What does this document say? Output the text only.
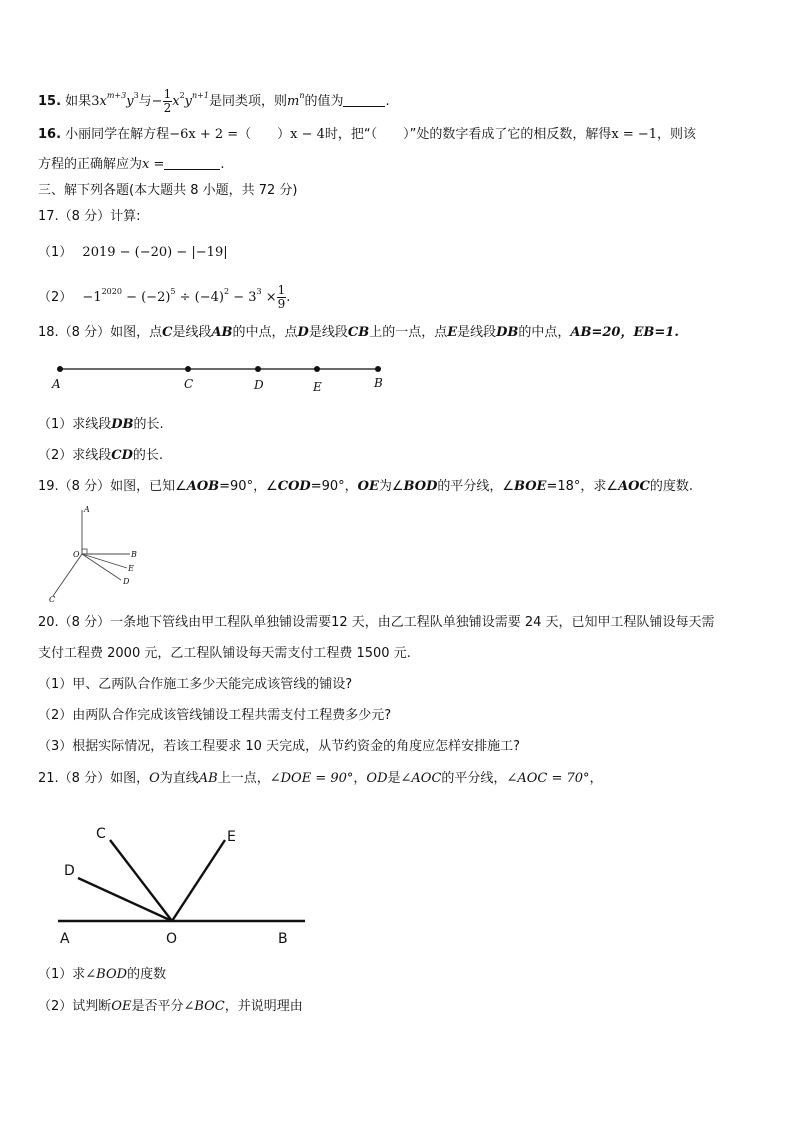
15. 如果$3x^{m+3}y^3$与− $\frac{1}{2} x^2y^{n+1}$是同类项，则$m^n$的值为	.
16. 小丽同学在解方程−6x + 2 =（　　）x − 4时，把“（　　）”处的数字看成了它的相反数，解得x = −1，则该
方程的正确解应为x =	.
三、解下列各题(本大题共 8 小题，共 72 分)
17.（8 分）计算:
（1） 2019 − (−20) − |−19|
$(2) -1^{2020} - (-2)^5 \div (-4)^2 - 3^3 \times \frac{1}{9}$ .
18.（8 分）如图，点C是线段AB的中点，点D是线段CB上的一点，点E是线段DB的中点，AB=20，EB=1.
A	C	D	E	B
（1）求线段DB的长.
（2）求线段CD的长.
19.（8 分）如图，已知∠AOB=90°，∠COD=90°，OE为∠BOD的平分线，∠BOE=18°，求∠AOC的度数.
A
O	B
E
D
C
20.（8 分）一条地下管线由甲工程队单独铺设需要12 天，由乙工程队单独铺设需要 24 天，已知甲工程队铺设每天需
支付工程费 2000 元，乙工程队铺设每天需支付工程费 1500 元.
（1）甲、乙两队合作施工多少天能完成该管线的铺设?
（2）由两队合作完成该管线铺设工程共需支付工程费多少元?
（3）根据实际情况，若该工程要求 10 天完成，从节约资金的角度应怎样安排施工?
21.（8 分）如图，O为直线AB上一点，∠DOE = 90°，OD是∠AOC的平分线，∠AOC = 70°，
C	E
D
A	O	B
（1）求∠BOD的度数
（2）试判断OE是否平分∠BOC，并说明理由
